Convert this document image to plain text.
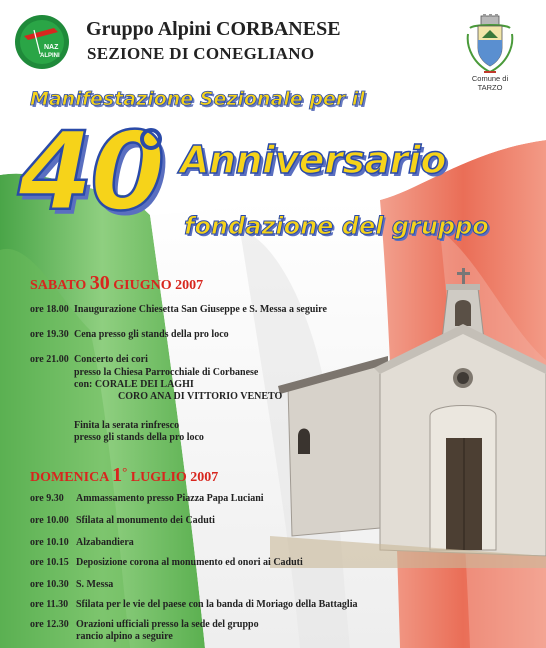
NAZ
ALPINI
Gruppo Alpini CORBANESE
SEZIONE DI CONEGLIANO
Comune di
TARZO
Manifestazione Sezionale per il
40 Anniversario
fondazione del gruppo
SABATO 30 GIUGNO 2007
ore 18.00 Inaugurazione Chiesetta San Giuseppe e S. Messa a seguire
ore 19.30 Cena presso gli stands della pro loco
ore 21.00 Concerto dei cori
presso la Chiesa Parrocchiale di Corbanese
con: CORALE DEI LAGHI
CORO ANA DI VITTORIO VENETO
Finita la serata rinfresco
presso gli stands della pro loco
DOMENICA 1° LUGLIO 2007
ore 9.30 Ammassamento presso Piazza Papa Luciani
ore 10.00 Sfilata al monumento dei Caduti
ore 10.10 Alzabandiera
ore 10.15 Deposizione corona al monumento ed onori ai Caduti
ore 10.30 S. Messa
ore 11.30 Sfilata per le vie del paese con la banda di Moriago della Battaglia
ore 12.30 Orazioni ufficiali presso la sede del gruppo
rancio alpino a seguire
